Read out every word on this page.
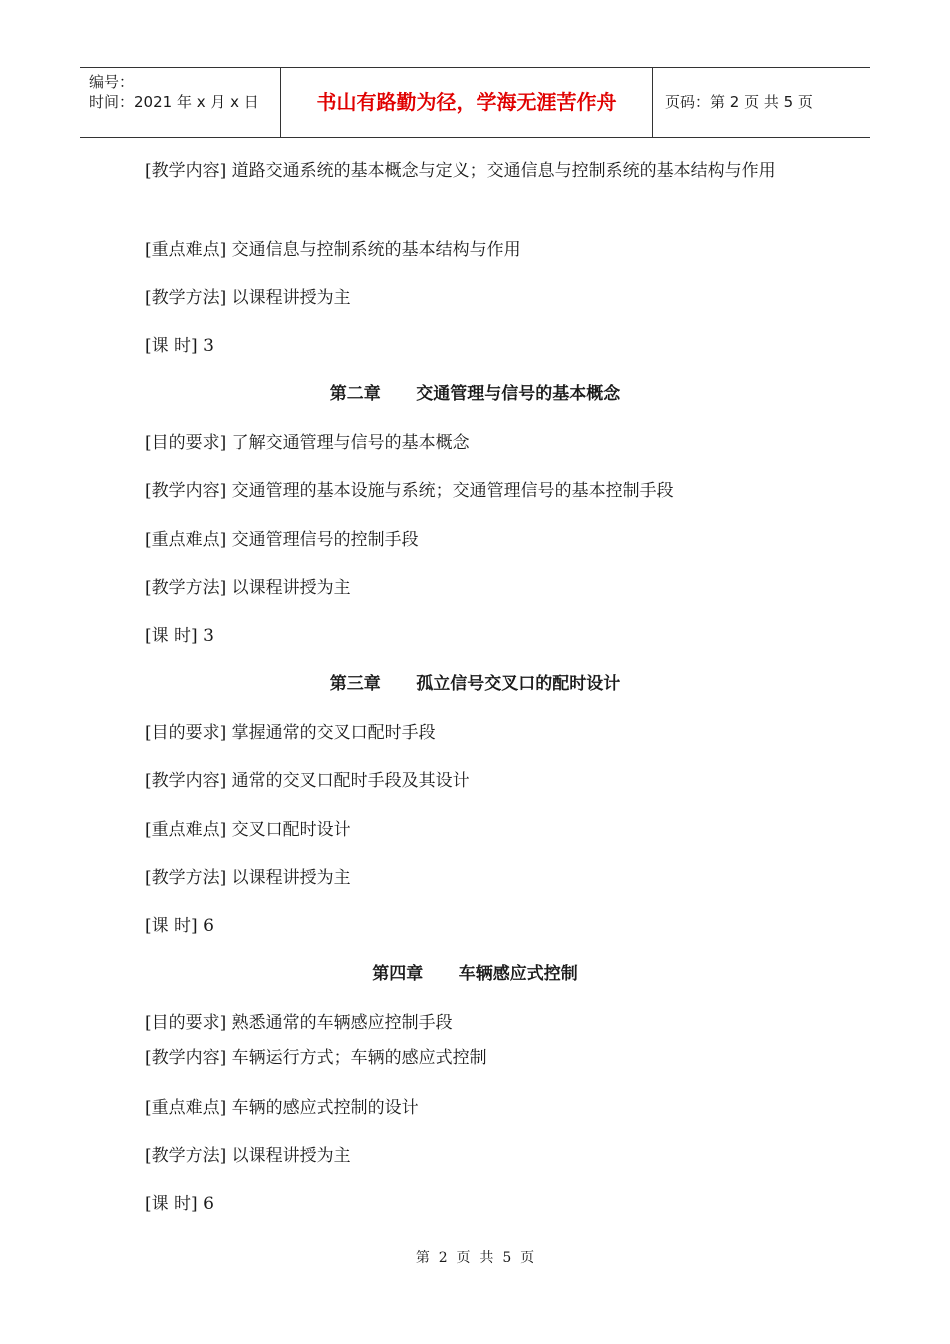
编号：
时间：2021 年 x 月 x 日	书山有路勤为径，学海无涯苦作舟	页码：第 2 页 共 5 页
[教学内容] 道路交通系统的基本概念与定义；交通信息与控制系统的基本结构与作用
[重点难点] 交通信息与控制系统的基本结构与作用
[教学方法] 以课程讲授为主
[课 时] 3
第二章      交通管理与信号的基本概念
[目的要求] 了解交通管理与信号的基本概念
[教学内容] 交通管理的基本设施与系统；交通管理信号的基本控制手段
[重点难点] 交通管理信号的控制手段
[教学方法] 以课程讲授为主
[课 时] 3
第三章      孤立信号交叉口的配时设计
[目的要求] 掌握通常的交叉口配时手段
[教学内容] 通常的交叉口配时手段及其设计
[重点难点] 交叉口配时设计
[教学方法] 以课程讲授为主
[课 时] 6
第四章      车辆感应式控制
[目的要求] 熟悉通常的车辆感应控制手段
[教学内容] 车辆运行方式；车辆的感应式控制
[重点难点] 车辆的感应式控制的设计
[教学方法] 以课程讲授为主
[课 时] 6
第  2  页  共  5  页
